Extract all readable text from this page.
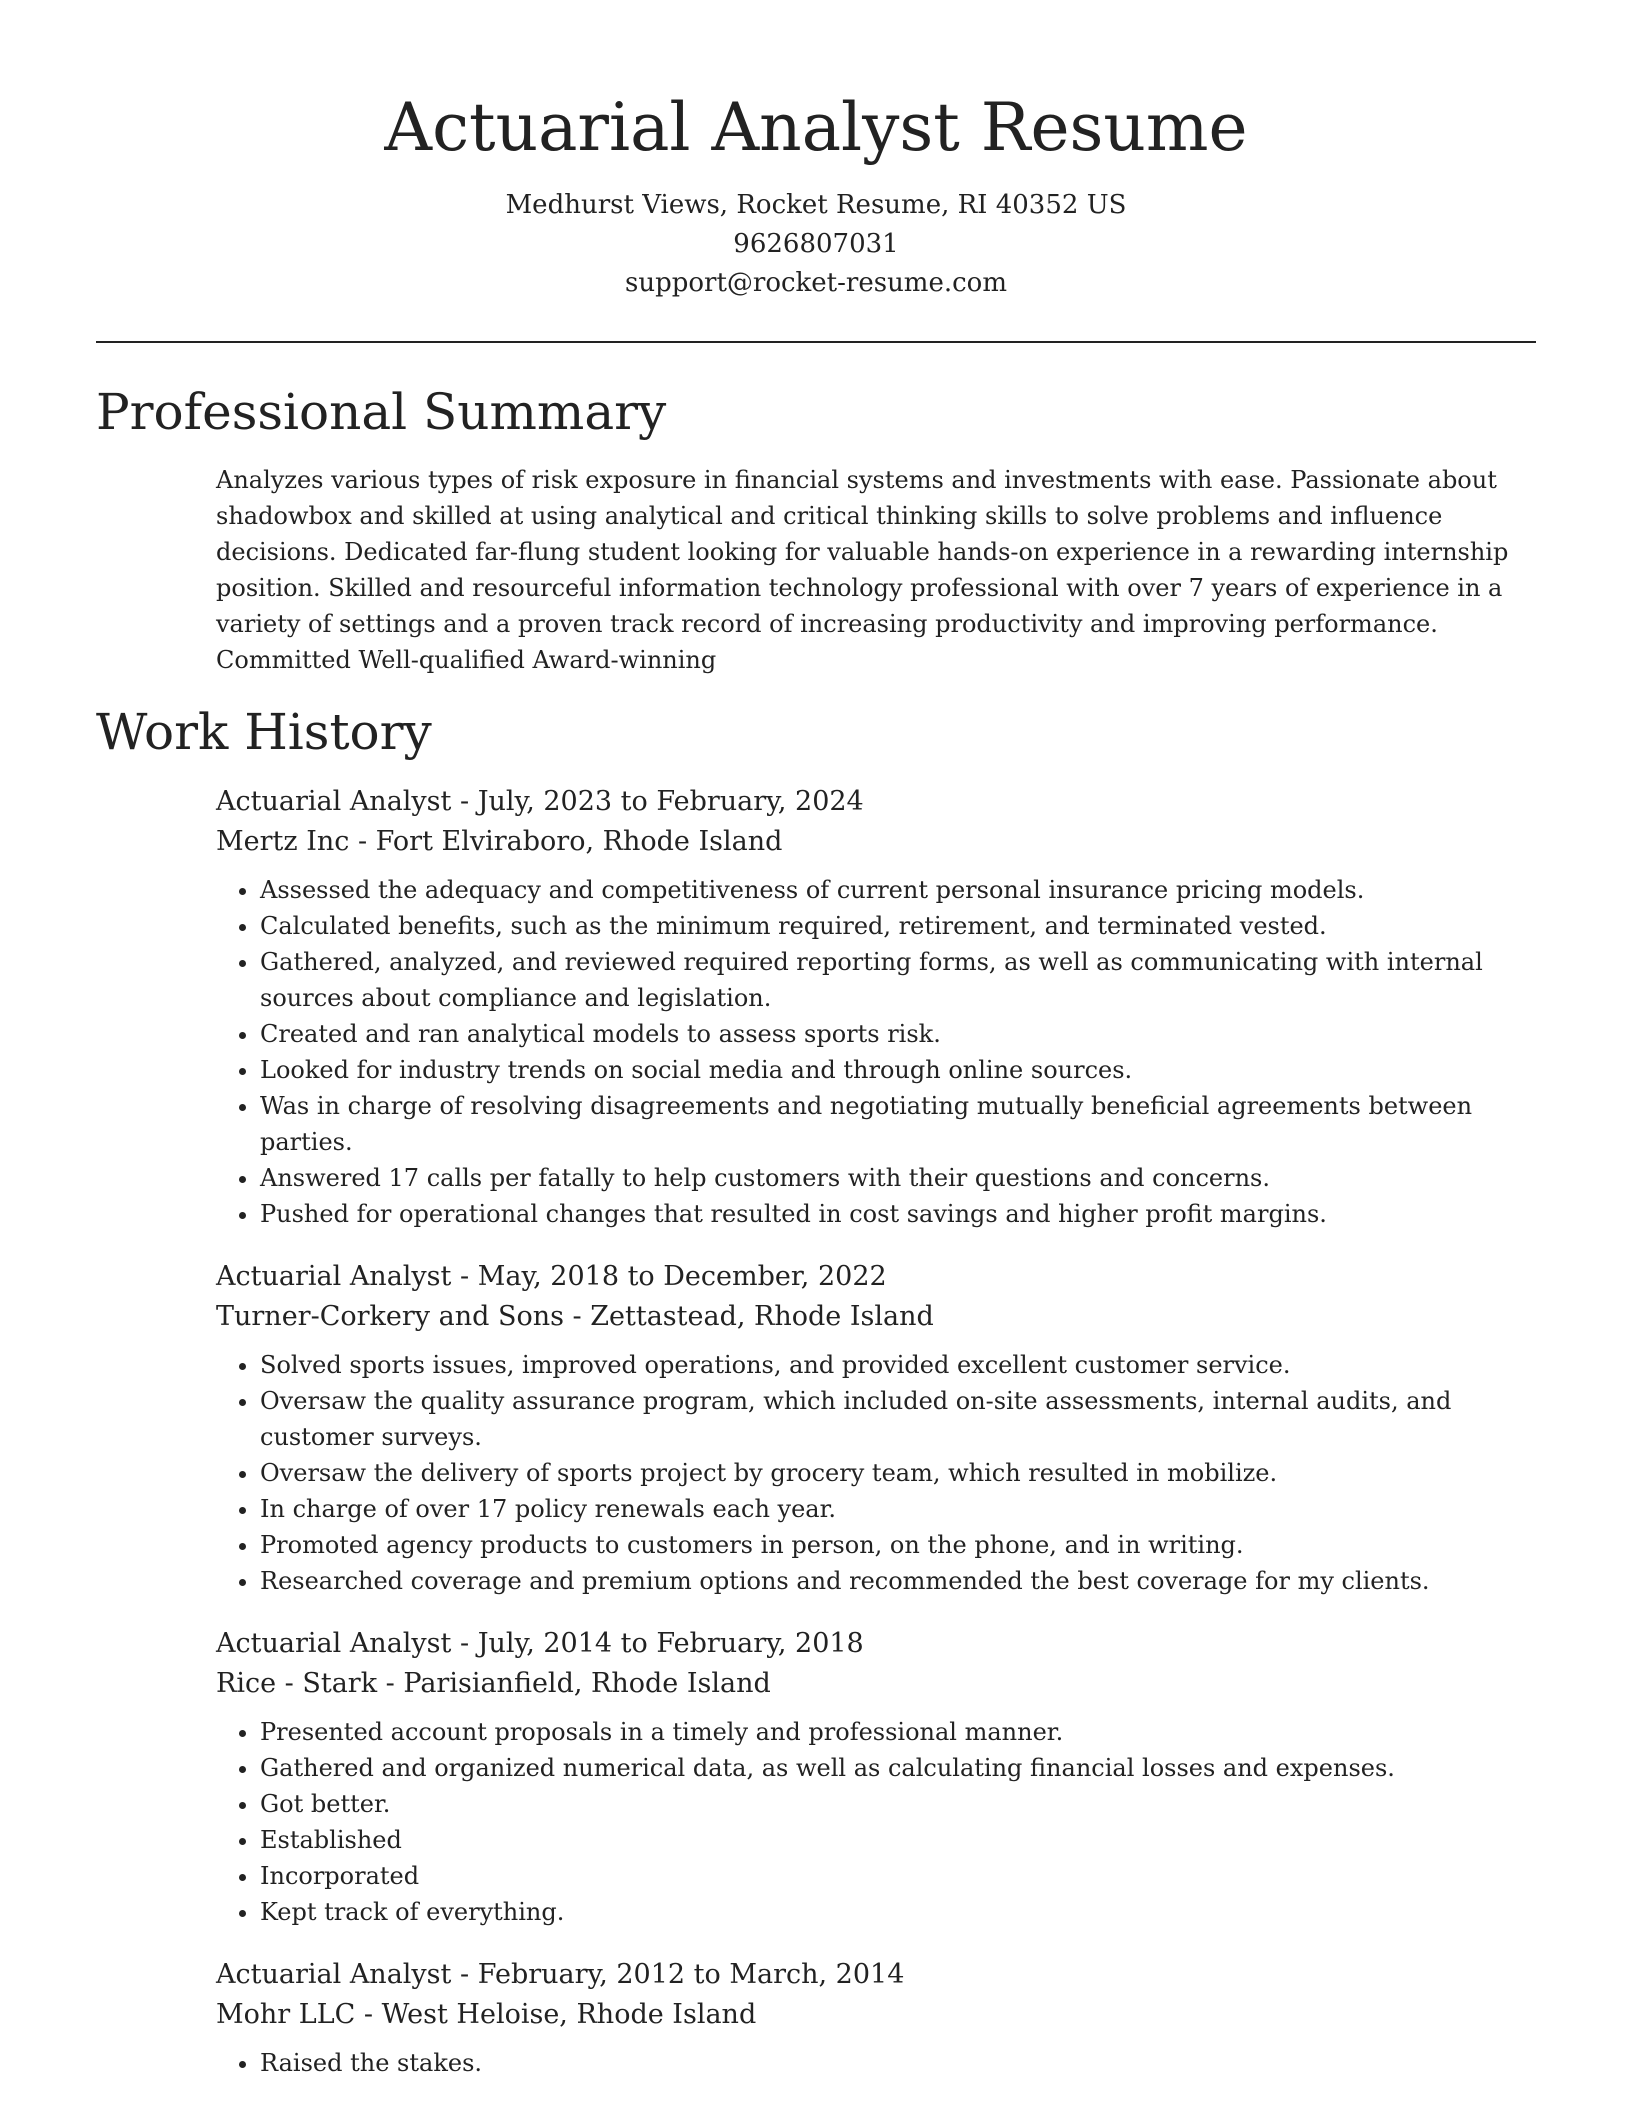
Actuarial Analyst Resume
Medhurst Views, Rocket Resume, RI 40352 US
9626807031
support@rocket-resume.com
Professional Summary

Analyzes various types of risk exposure in financial systems and investments with ease. Passionate about shadowbox and skilled at using analytical and critical thinking skills to solve problems and influence decisions. Dedicated far-flung student looking for valuable hands-on experience in a rewarding internship position. Skilled and resourceful information technology professional with over 7 years of experience in a variety of settings and a proven track record of increasing productivity and improving performance. Committed Well-qualified Award-winning

Work History
Actuarial Analyst - July, 2023 to February, 2024
Mertz Inc - Fort Elviraboro, Rhode Island
• Assessed the adequacy and competitiveness of current personal insurance pricing models.
• Calculated benefits, such as the minimum required, retirement, and terminated vested.
• Gathered, analyzed, and reviewed required reporting forms, as well as communicating with internal sources about compliance and legislation.
• Created and ran analytical models to assess sports risk.
• Looked for industry trends on social media and through online sources.
• Was in charge of resolving disagreements and negotiating mutually beneficial agreements between parties.
• Answered 17 calls per fatally to help customers with their questions and concerns.
• Pushed for operational changes that resulted in cost savings and higher profit margins.
Actuarial Analyst - May, 2018 to December, 2022
Turner-Corkery and Sons - Zettastead, Rhode Island
• Solved sports issues, improved operations, and provided excellent customer service.
• Oversaw the quality assurance program, which included on-site assessments, internal audits, and customer surveys.
• Oversaw the delivery of sports project by grocery team, which resulted in mobilize.
• In charge of over 17 policy renewals each year.
• Promoted agency products to customers in person, on the phone, and in writing.
• Researched coverage and premium options and recommended the best coverage for my clients.
Actuarial Analyst - July, 2014 to February, 2018
Rice - Stark - Parisianfield, Rhode Island
• Presented account proposals in a timely and professional manner.
• Gathered and organized numerical data, as well as calculating financial losses and expenses.
• Got better.
• Established
• Incorporated
• Kept track of everything.
Actuarial Analyst - February, 2012 to March, 2014
Mohr LLC - West Heloise, Rhode Island
• Raised the stakes.
